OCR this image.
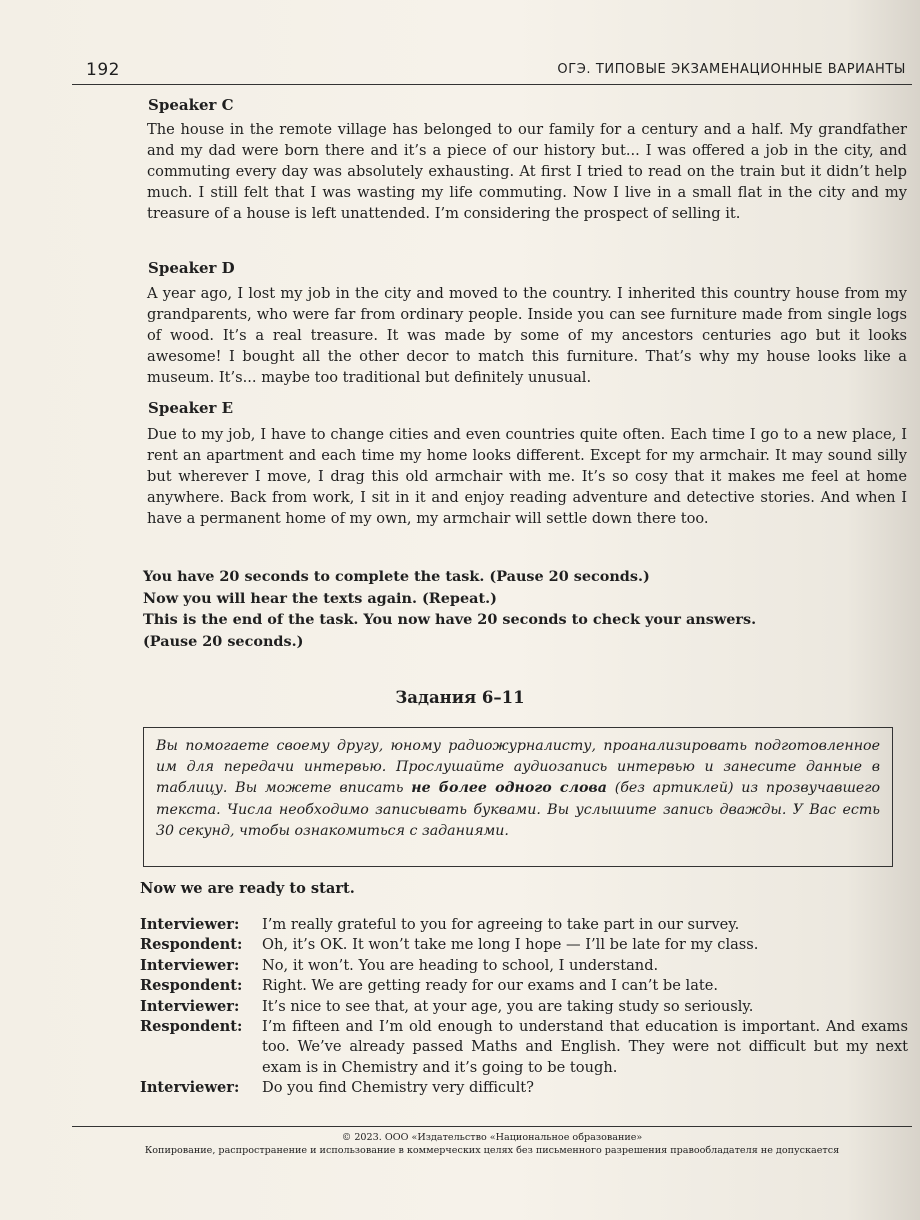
192	ОГЭ. ТИПОВЫЕ ЭКЗАМЕНАЦИОННЫЕ ВАРИАНТЫ
Speaker C
The house in the remote village has belonged to our family for a century and a half. My grandfather and my dad were born there and it’s a piece of our history but... I was offered a job in the city, and commuting every day was absolutely exhausting. At first I tried to read on the train but it didn’t help much. I still felt that I was wasting my life commuting. Now I live in a small flat in the city and my treasure of a house is left unattended. I’m considering the prospect of selling it.
Speaker D
A year ago, I lost my job in the city and moved to the country. I inherited this country house from my grandparents, who were far from ordinary people. Inside you can see furniture made from single logs of wood. It’s a real treasure. It was made by some of my ancestors centuries ago but it looks awesome! I bought all the other decor to match this furniture. That’s why my house looks like a museum. It’s... maybe too traditional but definitely unusual.
Speaker E
Due to my job, I have to change cities and even countries quite often. Each time I go to a new place, I rent an apartment and each time my home looks different. Except for my armchair. It may sound silly but wherever I move, I drag this old armchair with me. It’s so cosy that it makes me feel at home anywhere. Back from work, I sit in it and enjoy reading adventure and detective stories. And when I have a permanent home of my own, my armchair will settle down there too.
You have 20 seconds to complete the task. (Pause 20 seconds.)
Now you will hear the texts again. (Repeat.)
This is the end of the task. You now have 20 seconds to check your answers.
(Pause 20 seconds.)
Задания 6–11
Вы помогаете своему другу, юному радиожурналисту, проанализировать подготовленное им для передачи интервью. Прослушайте аудиозапись интервью и занесите данные в таблицу. Вы можете вписать не более одного слова (без артиклей) из прозвучавшего текста. Числа необходимо записывать буквами. Вы услышите запись дважды. У Вас есть 30 секунд, чтобы ознакомиться с заданиями.
Now we are ready to start.
Interviewer:	I’m really grateful to you for agreeing to take part in our survey.
Respondent:	Oh, it’s OK. It won’t take me long I hope — I’ll be late for my class.
Interviewer:	No, it won’t. You are heading to school, I understand.
Respondent:	Right. We are getting ready for our exams and I can’t be late.
Interviewer:	It’s nice to see that, at your age, you are taking study so seriously.
Respondent:	I’m fifteen and I’m old enough to understand that education is important. And exams too. We’ve already passed Maths and English. They were not difficult but my next exam is in Chemistry and it’s going to be tough.
Interviewer:	Do you find Chemistry very difficult?
© 2023. ООО «Издательство «Национальное образование»
Копирование, распространение и использование в коммерческих целях без письменного разрешения правообладателя не допускается
